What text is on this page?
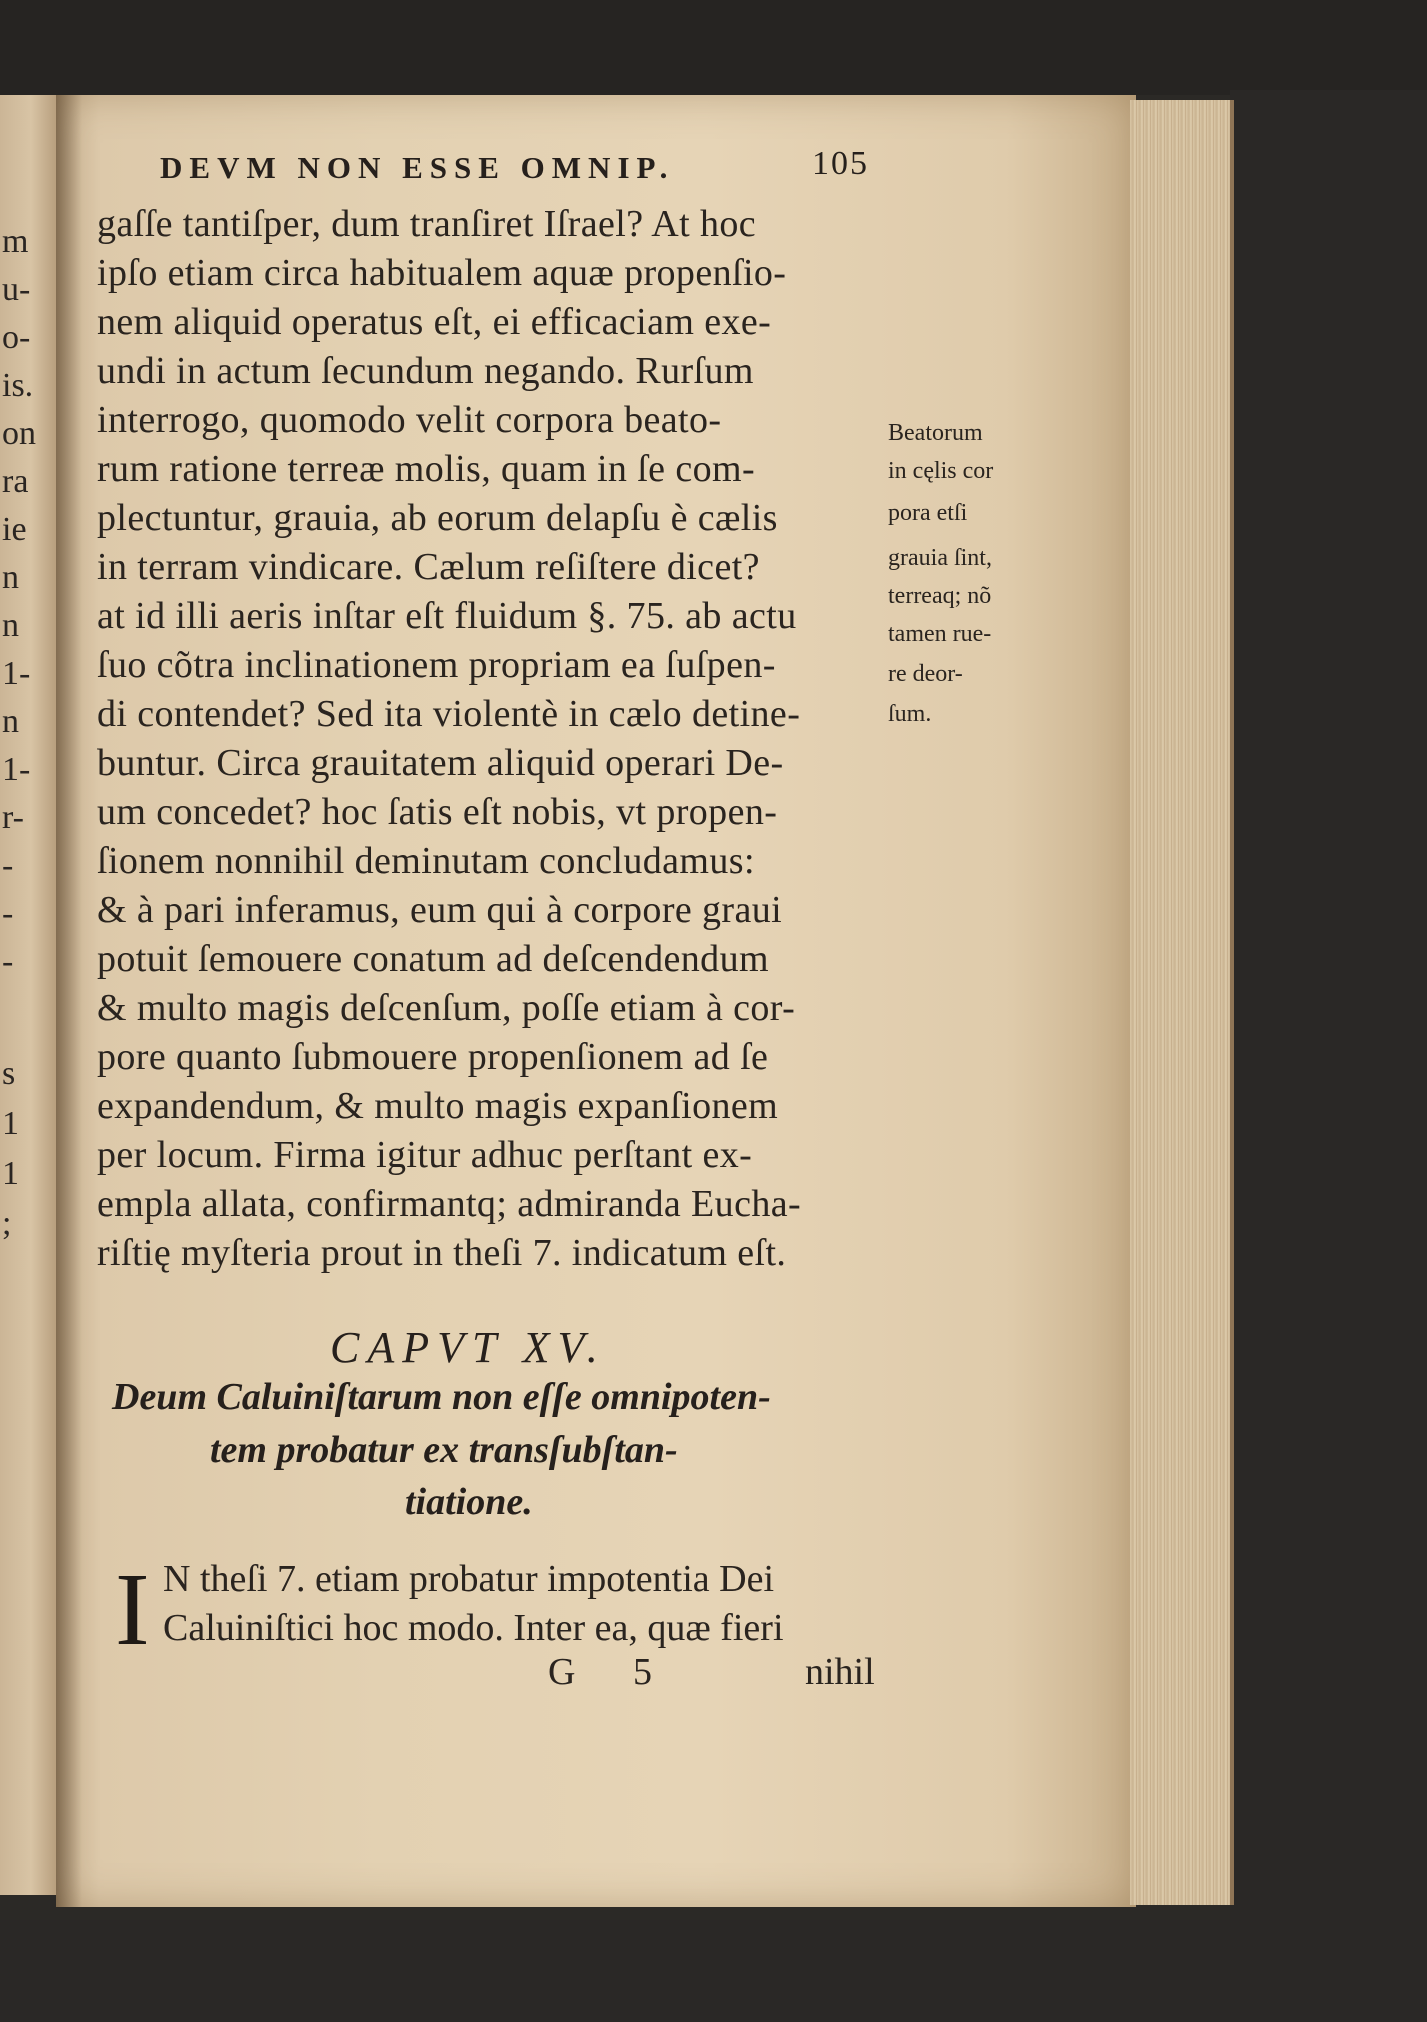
m
u-
o-
is.
on
ra
ie
n
n
1-
n
1-
r-
-
-
-
s
1
1
;
DEVM NON ESSE OMNIP.	105
gaſſe tantiſper, dum tranſiret Iſrael? At hoc
ipſo etiam circa habitualem aquæ propenſio-
nem aliquid operatus eſt, ei efficaciam exe-
undi in actum ſecundum negando. Rurſum
interrogo, quomodo velit corpora beato-
rum ratione terreæ molis, quam in ſe com-
plectuntur, grauia, ab eorum delapſu è cælis
in terram vindicare. Cælum reſiſtere dicet?
at id illi aeris inſtar eſt fluidum §. 75. ab actu
ſuo cõtra inclinationem propriam ea ſuſpen-
di contendet? Sed ita violentè in cælo detine-
buntur. Circa grauitatem aliquid operari De-
um concedet? hoc ſatis eſt nobis, vt propen-
ſionem nonnihil deminutam concludamus:
& à pari inferamus, eum qui à corpore graui
potuit ſemouere conatum ad deſcendendum
& multo magis deſcenſum, poſſe etiam à cor-
pore quanto ſubmouere propenſionem ad ſe
expandendum, & multo magis expanſionem
per locum. Firma igitur adhuc perſtant ex-
empla allata, confirmantq; admiranda Eucha-
riſtię myſteria prout in theſi 7. indicatum eſt.
Beatorum
in cęlis cor
pora etſi
grauia ſint,
terreaq; nõ
tamen rue-
re deor-
ſum.
CAPVT XV.
Deum Caluiniſtarum non eſſe omnipoten-
tem probatur ex transſubſtan-
tiatione.
I N theſi 7. etiam probatur impotentia Dei
Caluiniſtici hoc modo. Inter ea, quæ fieri
G 5	nihil
